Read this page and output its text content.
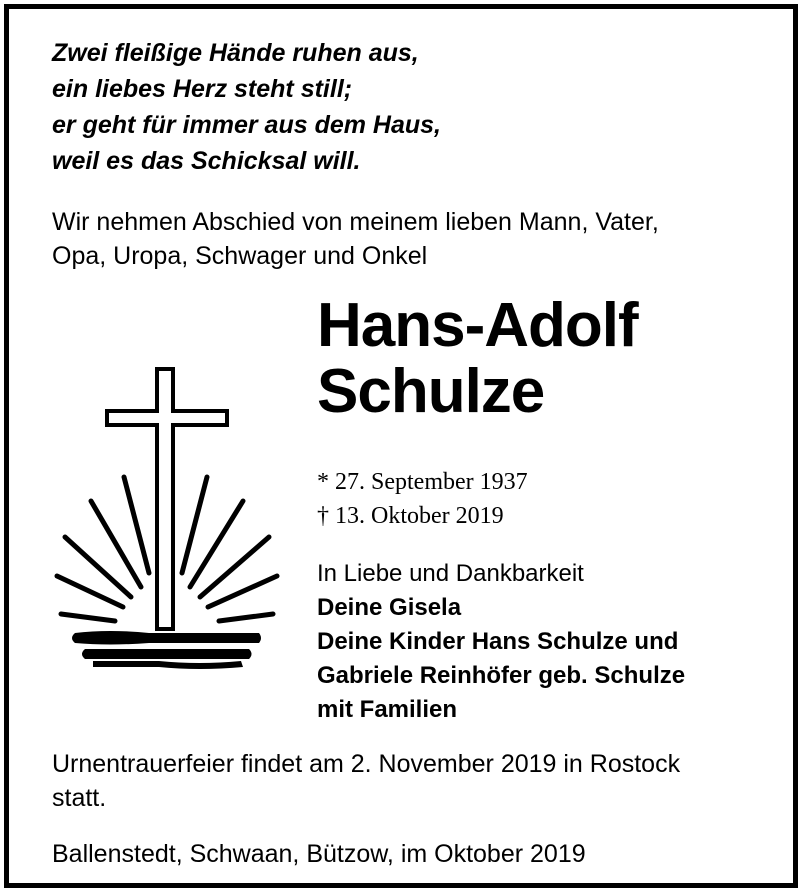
Zwei fleißige Hände ruhen aus,
ein liebes Herz steht still;
er geht für immer aus dem Haus,
weil es das Schicksal will.
Wir nehmen Abschied von meinem lieben Mann, Vater,
Opa, Uropa, Schwager und Onkel
Hans-Adolf
Schulze
* 27. September 1937
† 13. Oktober 2019
In Liebe und Dankbarkeit
Deine Gisela
Deine Kinder Hans Schulze und
Gabriele Reinhöfer geb. Schulze
mit Familien
Urnentrauerfeier findet am 2. November 2019 in Rostock
statt.
Ballenstedt, Schwaan, Bützow, im Oktober 2019
